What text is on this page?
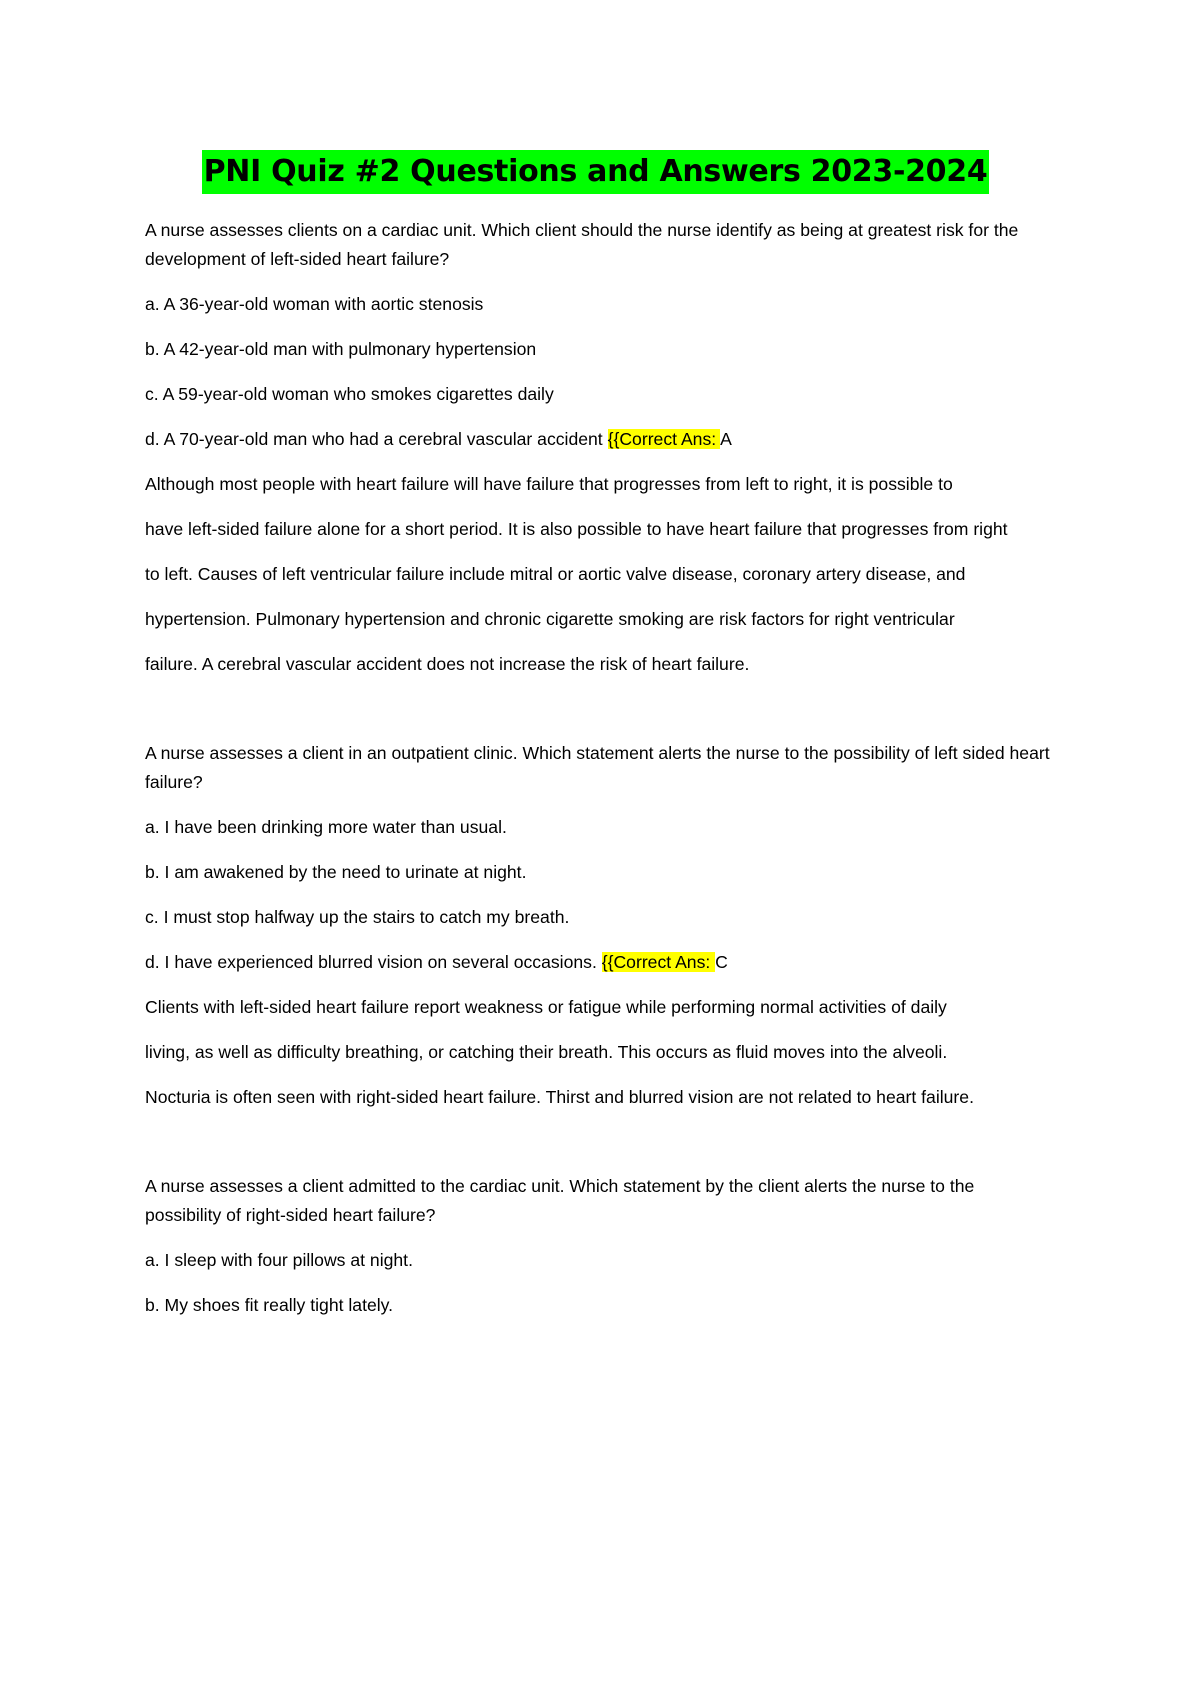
PNI Quiz #2 Questions and Answers 2023-2024

A nurse assesses clients on a cardiac unit. Which client should the nurse identify as being at greatest risk for the development of left-sided heart failure?

a. A 36-year-old woman with aortic stenosis

b. A 42-year-old man with pulmonary hypertension

c. A 59-year-old woman who smokes cigarettes daily

d. A 70-year-old man who had a cerebral vascular accident {{Correct Ans: A

Although most people with heart failure will have failure that progresses from left to right, it is possible to

have left-sided failure alone for a short period. It is also possible to have heart failure that progresses from right

to left. Causes of left ventricular failure include mitral or aortic valve disease, coronary artery disease, and

hypertension. Pulmonary hypertension and chronic cigarette smoking are risk factors for right ventricular

failure. A cerebral vascular accident does not increase the risk of heart failure.

A nurse assesses a client in an outpatient clinic. Which statement alerts the nurse to the possibility of left sided heart failure?

a. I have been drinking more water than usual.

b. I am awakened by the need to urinate at night.

c. I must stop halfway up the stairs to catch my breath.

d. I have experienced blurred vision on several occasions. {{Correct Ans: C

Clients with left-sided heart failure report weakness or fatigue while performing normal activities of daily

living, as well as difficulty breathing, or catching their breath. This occurs as fluid moves into the alveoli.

Nocturia is often seen with right-sided heart failure. Thirst and blurred vision are not related to heart failure.

A nurse assesses a client admitted to the cardiac unit. Which statement by the client alerts the nurse to the possibility of right-sided heart failure?

a. I sleep with four pillows at night.

b. My shoes fit really tight lately.
